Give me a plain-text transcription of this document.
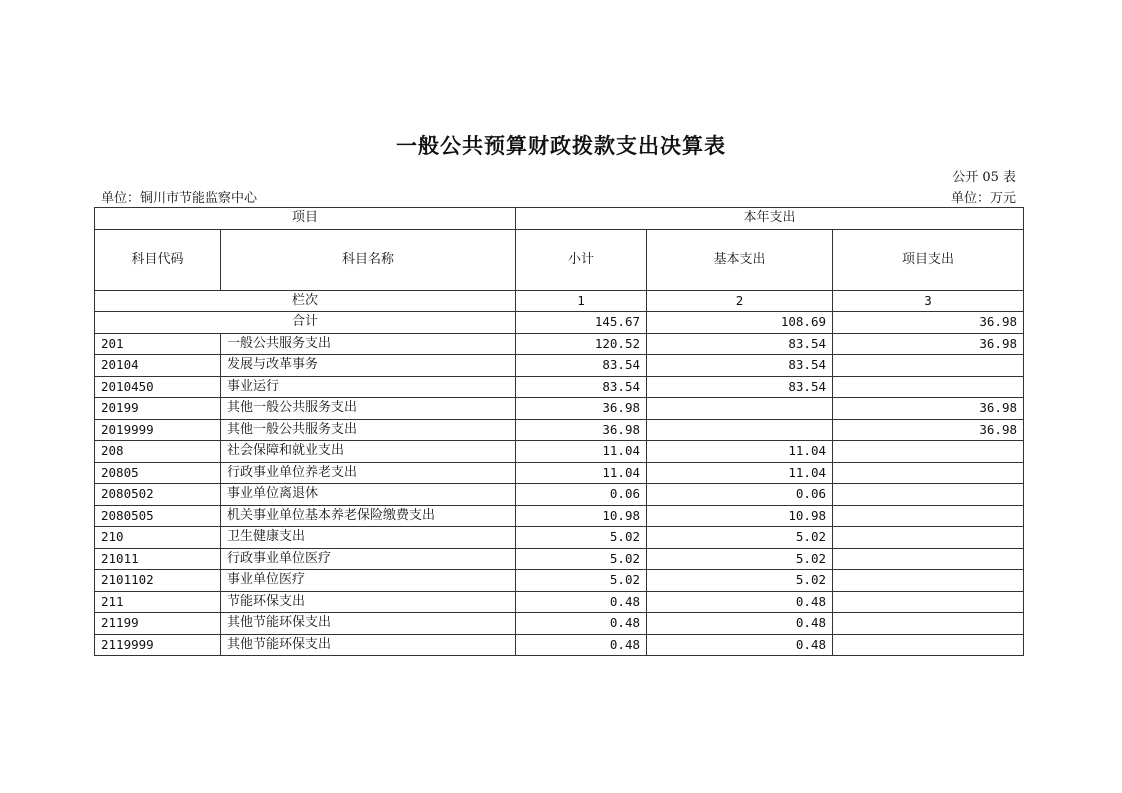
一般公共预算财政拨款支出决算表
公开 05 表
单位：铜川市节能监察中心	单位：万元
项目		本年支出		
科目代码	科目名称	小计	基本支出	项目支出
栏次		1	2	3
合计		145.67	108.69	36.98
201	一般公共服务支出	120.52	83.54	36.98
20104	发展与改革事务	83.54	83.54	
2010450	事业运行	83.54	83.54	
20199	其他一般公共服务支出	36.98		36.98
2019999	其他一般公共服务支出	36.98		36.98
208	社会保障和就业支出	11.04	11.04	
20805	行政事业单位养老支出	11.04	11.04	
2080502	事业单位离退休	0.06	0.06	
2080505	机关事业单位基本养老保险缴费支出	10.98	10.98	
210	卫生健康支出	5.02	5.02	
21011	行政事业单位医疗	5.02	5.02	
2101102	事业单位医疗	5.02	5.02	
211	节能环保支出	0.48	0.48	
21199	其他节能环保支出	0.48	0.48	
2119999	其他节能环保支出	0.48	0.48	
